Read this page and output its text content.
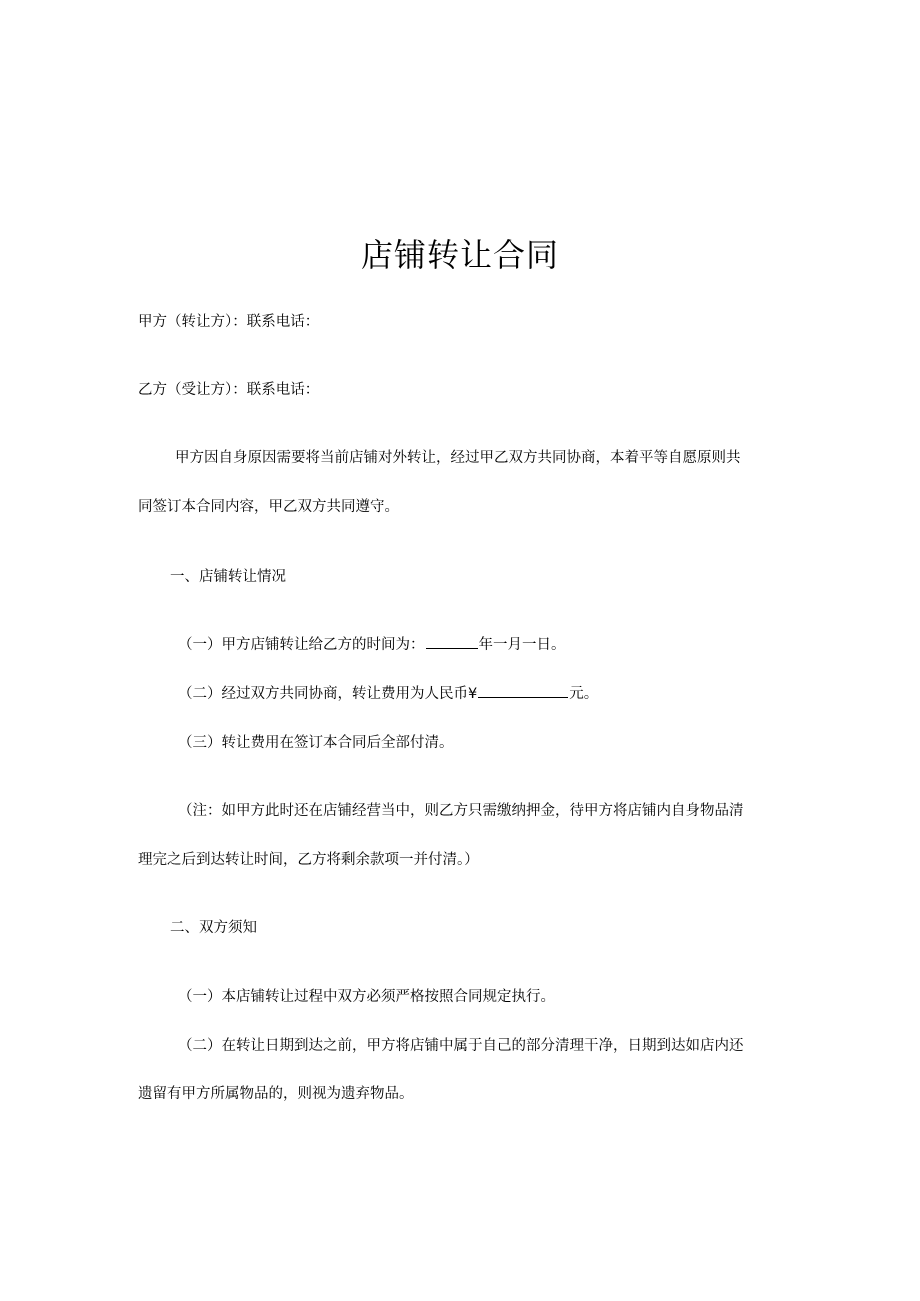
店铺转让合同
甲方（转让方）：联系电话：
乙方（受让方）：联系电话：
甲方因自身原因需要将当前店铺对外转让，经过甲乙双方共同协商，本着平等自愿原则共
同签订本合同内容，甲乙双方共同遵守。
一、店铺转让情况
（一）甲方店铺转让给乙方的时间为：	年一月一日。
（二）经过双方共同协商，转让费用为人民币¥	元。
（三）转让费用在签订本合同后全部付清。
（注：如甲方此时还在店铺经营当中，则乙方只需缴纳押金，待甲方将店铺内自身物品清
理完之后到达转让时间，乙方将剩余款项一并付清。）
二、双方须知
（一）本店铺转让过程中双方必须严格按照合同规定执行。
（二）在转让日期到达之前，甲方将店铺中属于自己的部分清理干净，日期到达如店内还
遗留有甲方所属物品的，则视为遗弃物品。
